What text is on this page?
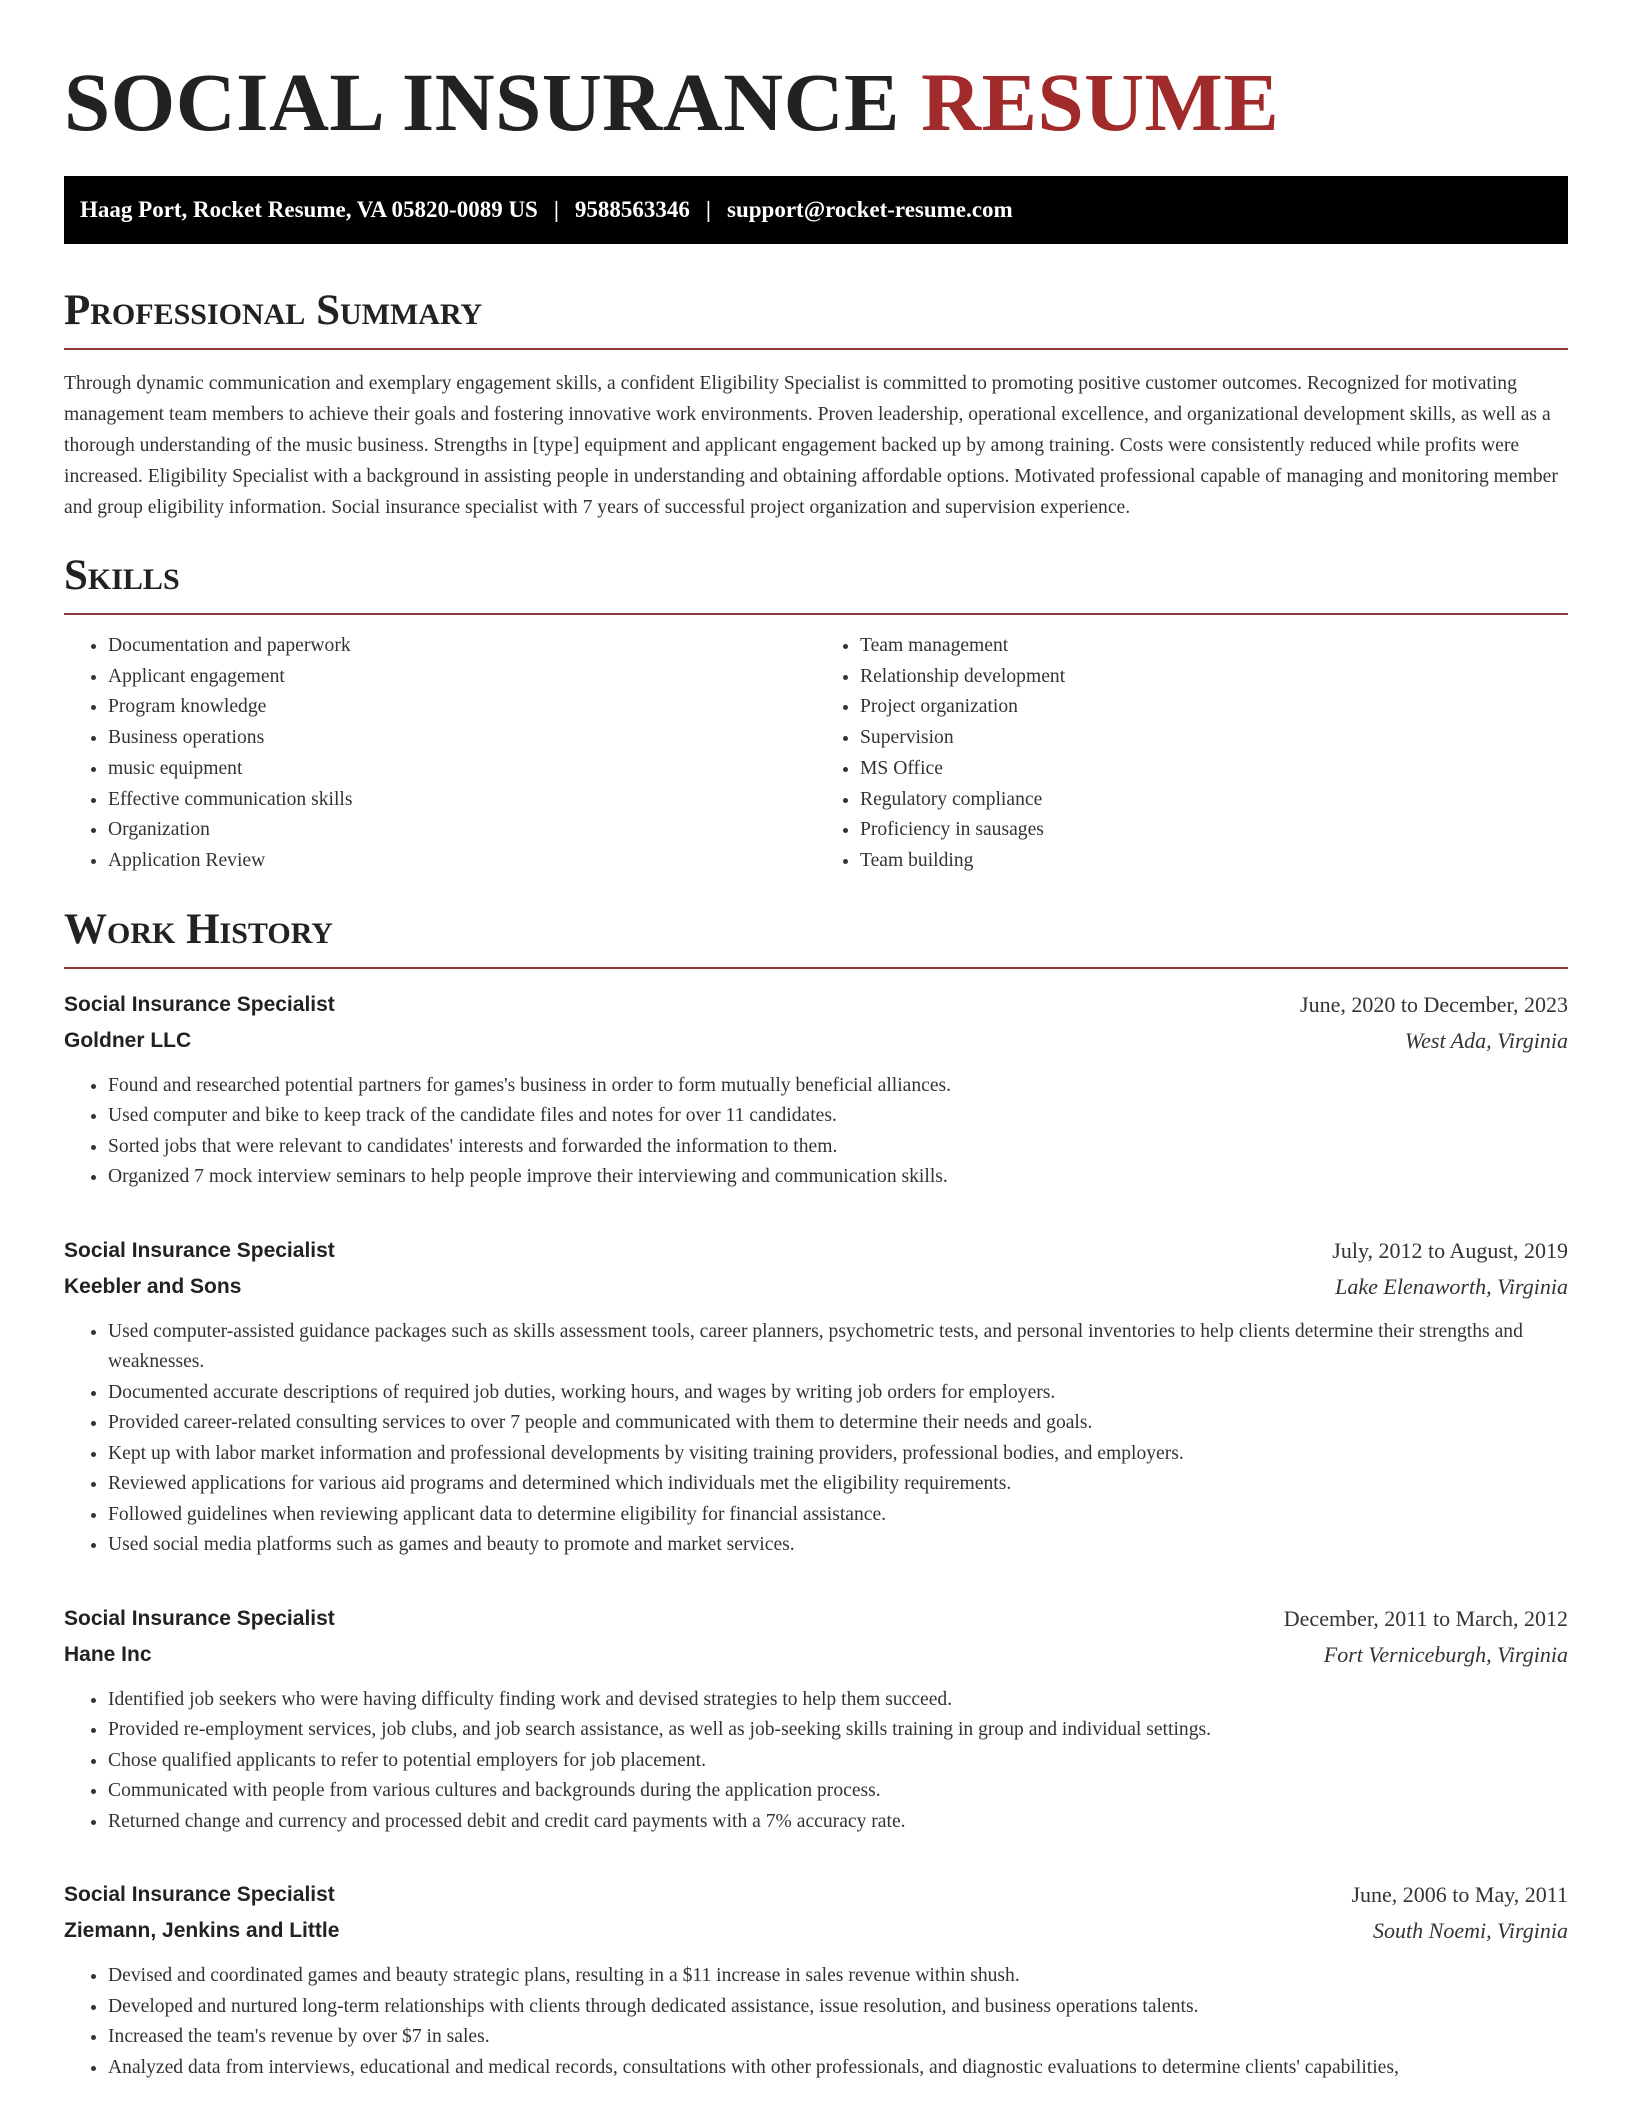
SOCIAL INSURANCE RESUME
Haag Port, Rocket Resume, VA 05820-0089 US | 9588563346 | support@rocket-resume.com
Professional Summary

Through dynamic communication and exemplary engagement skills, a confident Eligibility Specialist is committed to promoting positive customer outcomes. Recognized for motivating management team members to achieve their goals and fostering innovative work environments. Proven leadership, operational excellence, and organizational development skills, as well as a thorough understanding of the music business. Strengths in [type] equipment and applicant engagement backed up by among training. Costs were consistently reduced while profits were increased. Eligibility Specialist with a background in assisting people in understanding and obtaining affordable options. Motivated professional capable of managing and monitoring member and group eligibility information. Social insurance specialist with 7 years of successful project organization and supervision experience.

Skills
• Documentation and paperwork
• Applicant engagement
• Program knowledge
• Business operations
• music equipment
• Effective communication skills
• Organization
• Application Review
• Team management
• Relationship development
• Project organization
• Supervision
• MS Office
• Regulatory compliance
• Proficiency in sausages
• Team building
Work History
Social Insurance Specialist	June, 2020 to December, 2023
Goldner LLC	West Ada, Virginia
• Found and researched potential partners for games's business in order to form mutually beneficial alliances.
• Used computer and bike to keep track of the candidate files and notes for over 11 candidates.
• Sorted jobs that were relevant to candidates' interests and forwarded the information to them.
• Organized 7 mock interview seminars to help people improve their interviewing and communication skills.
Social Insurance Specialist	July, 2012 to August, 2019
Keebler and Sons	Lake Elenaworth, Virginia
• Used computer-assisted guidance packages such as skills assessment tools, career planners, psychometric tests, and personal inventories to help clients determine their strengths and weaknesses.
• Documented accurate descriptions of required job duties, working hours, and wages by writing job orders for employers.
• Provided career-related consulting services to over 7 people and communicated with them to determine their needs and goals.
• Kept up with labor market information and professional developments by visiting training providers, professional bodies, and employers.
• Reviewed applications for various aid programs and determined which individuals met the eligibility requirements.
• Followed guidelines when reviewing applicant data to determine eligibility for financial assistance.
• Used social media platforms such as games and beauty to promote and market services.
Social Insurance Specialist	December, 2011 to March, 2012
Hane Inc	Fort Verniceburgh, Virginia
• Identified job seekers who were having difficulty finding work and devised strategies to help them succeed.
• Provided re-employment services, job clubs, and job search assistance, as well as job-seeking skills training in group and individual settings.
• Chose qualified applicants to refer to potential employers for job placement.
• Communicated with people from various cultures and backgrounds during the application process.
• Returned change and currency and processed debit and credit card payments with a 7% accuracy rate.
Social Insurance Specialist	June, 2006 to May, 2011
Ziemann, Jenkins and Little	South Noemi, Virginia
• Devised and coordinated games and beauty strategic plans, resulting in a $11 increase in sales revenue within shush.
• Developed and nurtured long-term relationships with clients through dedicated assistance, issue resolution, and business operations talents.
• Increased the team's revenue by over $7 in sales.
• Analyzed data from interviews, educational and medical records, consultations with other professionals, and diagnostic evaluations to determine clients' capabilities,
